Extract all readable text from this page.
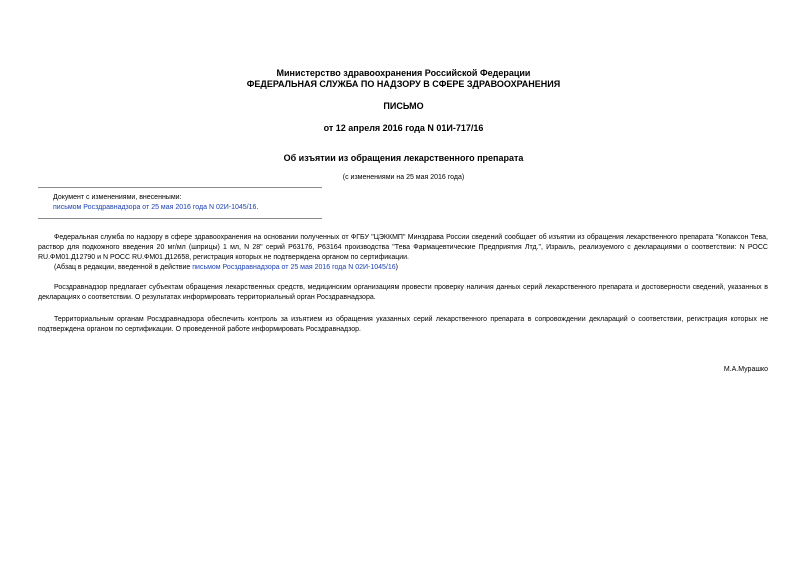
Министерство здравоохранения Российской Федерации
ФЕДЕРАЛЬНАЯ СЛУЖБА ПО НАДЗОРУ В СФЕРЕ ЗДРАВООХРАНЕНИЯ
ПИСЬМО
от 12 апреля 2016 года N 01И-717/16
Об изъятии из обращения лекарственного препарата
(с изменениями на 25 мая 2016 года)
Документ с изменениями, внесенными:
письмом Росздравнадзора от 25 мая 2016 года N 02И-1045/16.
Федеральная служба по надзору в сфере здравоохранения на основании полученных от ФГБУ "ЦЭККМП" Минздрава России сведений сообщает об изъятии из обращения лекарственного препарата "Копаксон Тева, раствор для подкожного введения 20 мг/мл (шприцы) 1 мл, N 28" серий Р63176, Р63164 производства "Тева Фармацевтические Предприятия Лтд.", Израиль, реализуемого с декларациями о соответствии: N РОСС RU.ФМ01.Д12790 и N РОСС RU.ФМ01.Д12658, регистрация которых не подтверждена органом по сертификации.
(Абзац в редакции, введенной в действие письмом Росздравнадзора от 25 мая 2016 года N 02И-1045/16)
Росздравнадзор предлагает субъектам обращения лекарственных средств, медицинским организациям провести проверку наличия данных серий лекарственного препарата и достоверности сведений, указанных в декларациях о соответствии. О результатах информировать территориальный орган Росздравнадзора.
Территориальным органам Росздравнадзора обеспечить контроль за изъятием из обращения указанных серий лекарственного препарата в сопровождении деклараций о соответствии, регистрация которых не подтверждена органом по сертификации. О проведенной работе информировать Росздравнадзор.
М.А.Мурашко
